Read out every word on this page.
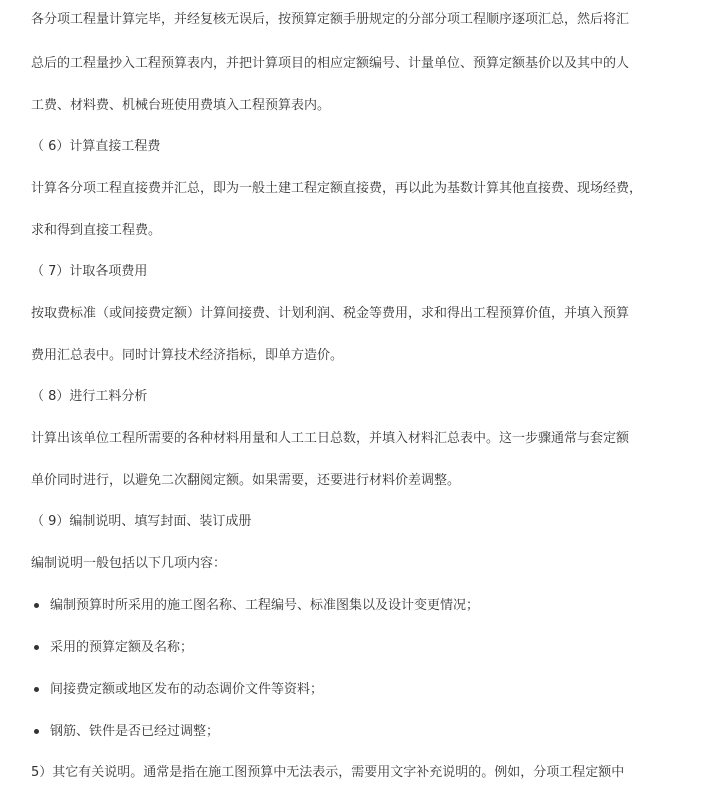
各分项工程量计算完毕，并经复核无误后，按预算定额手册规定的分部分项工程顺序逐项汇总，然后将汇
总后的工程量抄入工程预算表内，并把计算项目的相应定额编号、计量单位、预算定额基价以及其中的人
工费、材料费、机械台班使用费填入工程预算表内。
（ 6）计算直接工程费
计算各分项工程直接费并汇总，即为一般土建工程定额直接费，再以此为基数计算其他直接费、现场经费，
求和得到直接工程费。
（ 7）计取各项费用
按取费标准（或间接费定额）计算间接费、计划利润、税金等费用，求和得出工程预算价值，并填入预算
费用汇总表中。同时计算技术经济指标，即单方造价。
（ 8）进行工料分析
计算出该单位工程所需要的各种材料用量和人工工日总数，并填入材料汇总表中。这一步骤通常与套定额
单价同时进行，以避免二次翻阅定额。如果需要，还要进行材料价差调整。
（ 9）编制说明、填写封面、装订成册
编制说明一般包括以下几项内容：
编制预算时所采用的施工图名称、工程编号、标准图集以及设计变更情况；
采用的预算定额及名称；
间接费定额或地区发布的动态调价文件等资料；
钢筋、铁件是否已经过调整；
5）其它有关说明。通常是指在施工图预算中无法表示，需要用文字补充说明的。例如，分项工程定额中
